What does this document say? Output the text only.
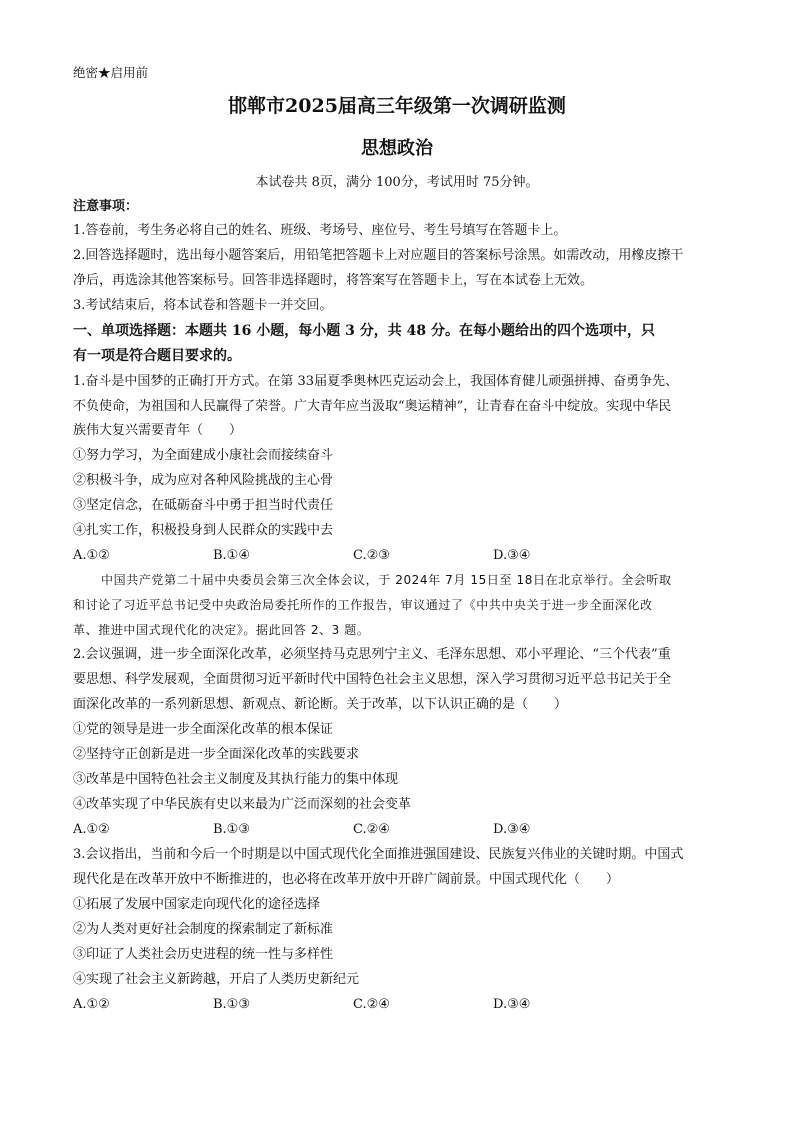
绝密★启用前
邯郸市2025届高三年级第一次调研监测
思想政治
本试卷共 8页，满分 100分，考试用时 75分钟。
注意事项：
1.答卷前，考生务必将自己的姓名、班级、考场号、座位号、考生号填写在答题卡上。
2.回答选择题时，选出每小题答案后，用铅笔把答题卡上对应题目的答案标号涂黑。如需改动，用橡皮擦干
净后，再选涂其他答案标号。回答非选择题时，将答案写在答题卡上，写在本试卷上无效。
3.考试结束后，将本试卷和答题卡一并交回。
一、单项选择题：本题共 16 小题，每小题 3 分，共 48 分。在每小题给出的四个选项中，只
有一项是符合题目要求的。
1.奋斗是中国梦的正确打开方式。在第 33届夏季奥林匹克运动会上，我国体育健儿顽强拼搏、奋勇争先、
不负使命，为祖国和人民赢得了荣誉。广大青年应当汲取“奥运精神”，让青春在奋斗中绽放。实现中华民
族伟大复兴需要青年（　　）
①努力学习，为全面建成小康社会而接续奋斗
②积极斗争，成为应对各种风险挑战的主心骨
③坚定信念，在砥砺奋斗中勇于担当时代责任
④扎实工作，积极投身到人民群众的实践中去
A.①②	B.①④	C.②③	D.③④
中国共产党第二十届中央委员会第三次全体会议，于 2024年 7月 15日至 18日在北京举行。全会听取
和讨论了习近平总书记受中央政治局委托所作的工作报告，审议通过了《中共中央关于进一步全面深化改
革、推进中国式现代化的决定》。据此回答 2、3 题。
2.会议强调，进一步全面深化改革，必须坚持马克思列宁主义、毛泽东思想、邓小平理论、“三个代表”重
要思想、科学发展观，全面贯彻习近平新时代中国特色社会主义思想，深入学习贯彻习近平总书记关于全
面深化改革的一系列新思想、新观点、新论断。关于改革，以下认识正确的是（　　）
①党的领导是进一步全面深化改革的根本保证
②坚持守正创新是进一步全面深化改革的实践要求
③改革是中国特色社会主义制度及其执行能力的集中体现
④改革实现了中华民族有史以来最为广泛而深刻的社会变革
A.①②	B.①③	C.②④	D.③④
3.会议指出，当前和今后一个时期是以中国式现代化全面推进强国建设、民族复兴伟业的关键时期。中国式
现代化是在改革开放中不断推进的，也必将在改革开放中开辟广阔前景。中国式现代化（　　）
①拓展了发展中国家走向现代化的途径选择
②为人类对更好社会制度的探索制定了新标准
③印证了人类社会历史进程的统一性与多样性
④实现了社会主义新跨越，开启了人类历史新纪元
A.①②	B.①③	C.②④	D.③④
